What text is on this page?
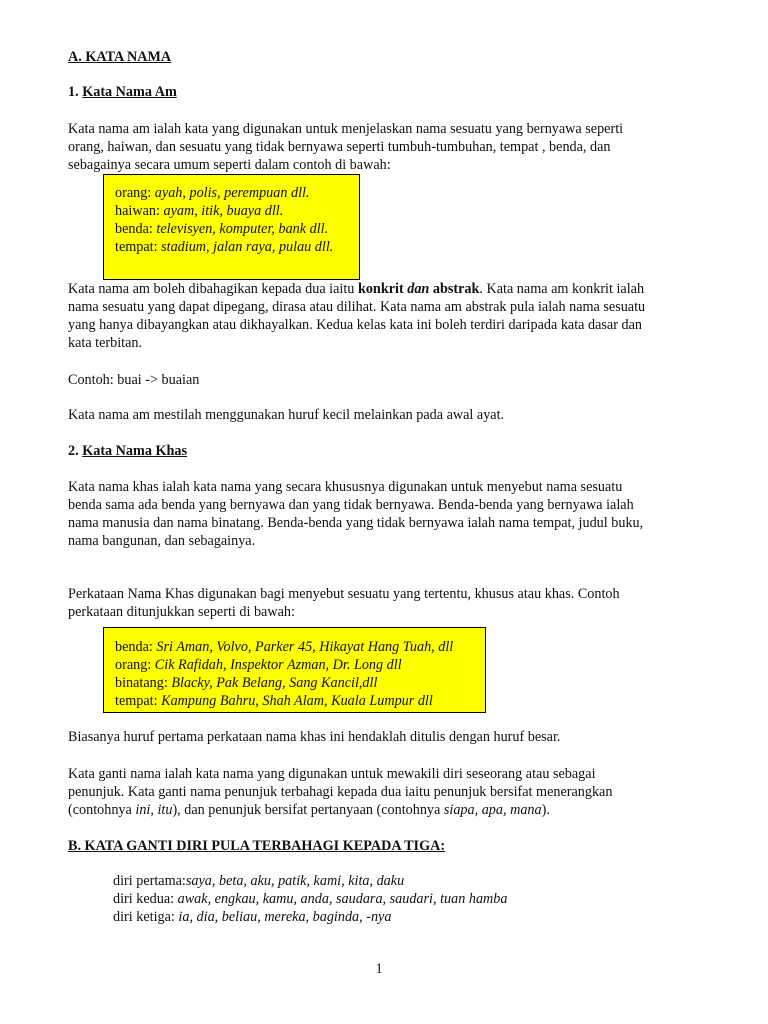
A. KATA NAMA
1. Kata Nama Am
Kata nama am ialah kata yang digunakan untuk menjelaskan nama sesuatu yang bernyawa seperti
orang, haiwan, dan sesuatu yang tidak bernyawa seperti tumbuh-tumbuhan, tempat , benda, dan
sebagainya secara umum seperti dalam contoh di bawah:
orang: ayah, polis, perempuan dll.
haiwan: ayam, itik, buaya dll.
benda: televisyen, komputer, bank dll.
tempat: stadium, jalan raya, pulau dll.
Kata nama am boleh dibahagikan kepada dua iaitu konkrit dan abstrak. Kata nama am konkrit ialah
nama sesuatu yang dapat dipegang, dirasa atau dilihat. Kata nama am abstrak pula ialah nama sesuatu
yang hanya dibayangkan atau dikhayalkan. Kedua kelas kata ini boleh terdiri daripada kata dasar dan
kata terbitan.
Contoh: buai -> buaian
Kata nama am mestilah menggunakan huruf kecil melainkan pada awal ayat.
2. Kata Nama Khas
Kata nama khas ialah kata nama yang secara khususnya digunakan untuk menyebut nama sesuatu
benda sama ada benda yang bernyawa dan yang tidak bernyawa. Benda-benda yang bernyawa ialah
nama manusia dan nama binatang. Benda-benda yang tidak bernyawa ialah nama tempat, judul buku,
nama bangunan, dan sebagainya.
Perkataan Nama Khas digunakan bagi menyebut sesuatu yang tertentu, khusus atau khas. Contoh
perkataan ditunjukkan seperti di bawah:
benda: Sri Aman, Volvo, Parker 45, Hikayat Hang Tuah, dll
orang: Cik Rafidah, Inspektor Azman, Dr. Long dll
binatang: Blacky, Pak Belang, Sang Kancil,dll
tempat: Kampung Bahru, Shah Alam, Kuala Lumpur dll
Biasanya huruf pertama perkataan nama khas ini hendaklah ditulis dengan huruf besar.
Kata ganti nama ialah kata nama yang digunakan untuk mewakili diri seseorang atau sebagai
penunjuk. Kata ganti nama penunjuk terbahagi kepada dua iaitu penunjuk bersifat menerangkan
(contohnya ini, itu), dan penunjuk bersifat pertanyaan (contohnya siapa, apa, mana).
B. KATA GANTI DIRI PULA TERBAHAGI KEPADA TIGA:
diri pertama:saya, beta, aku, patik, kami, kita, daku
diri kedua: awak, engkau, kamu, anda, saudara, saudari, tuan hamba
diri ketiga: ia, dia, beliau, mereka, baginda, -nya
1
